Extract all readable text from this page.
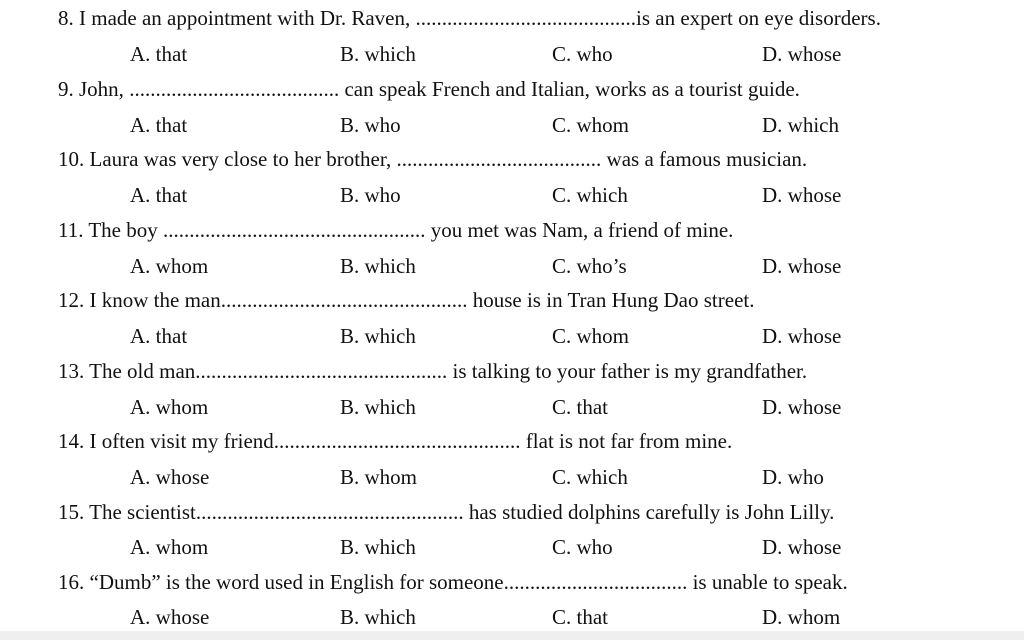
8. I made an appointment with Dr. Raven, ..........................................is an expert on eye disorders.
A. that	B. which	C. who	D. whose
9. John, ........................................ can speak French and Italian, works as a tourist guide.
A. that	B. who	C. whom	D. which
10. Laura was very close to her brother, ....................................... was a famous musician.
A. that	B. who	C. which	D. whose
11. The boy .................................................. you met was Nam, a friend of mine.
A. whom	B. which	C. who’s	D. whose
12. I know the man............................................... house is in Tran Hung Dao street.
A. that	B. which	C. whom	D. whose
13. The old man................................................ is talking to your father is my grandfather.
A. whom	B. which	C. that	D. whose
14. I often visit my friend............................................... flat is not far from mine.
A. whose	B. whom	C. which	D. who
15. The scientist................................................... has studied dolphins carefully is John Lilly.
A. whom	B. which	C. who	D. whose
16. “Dumb” is the word used in English for someone................................... is unable to speak.
A. whose	B. which	C. that	D. whom
